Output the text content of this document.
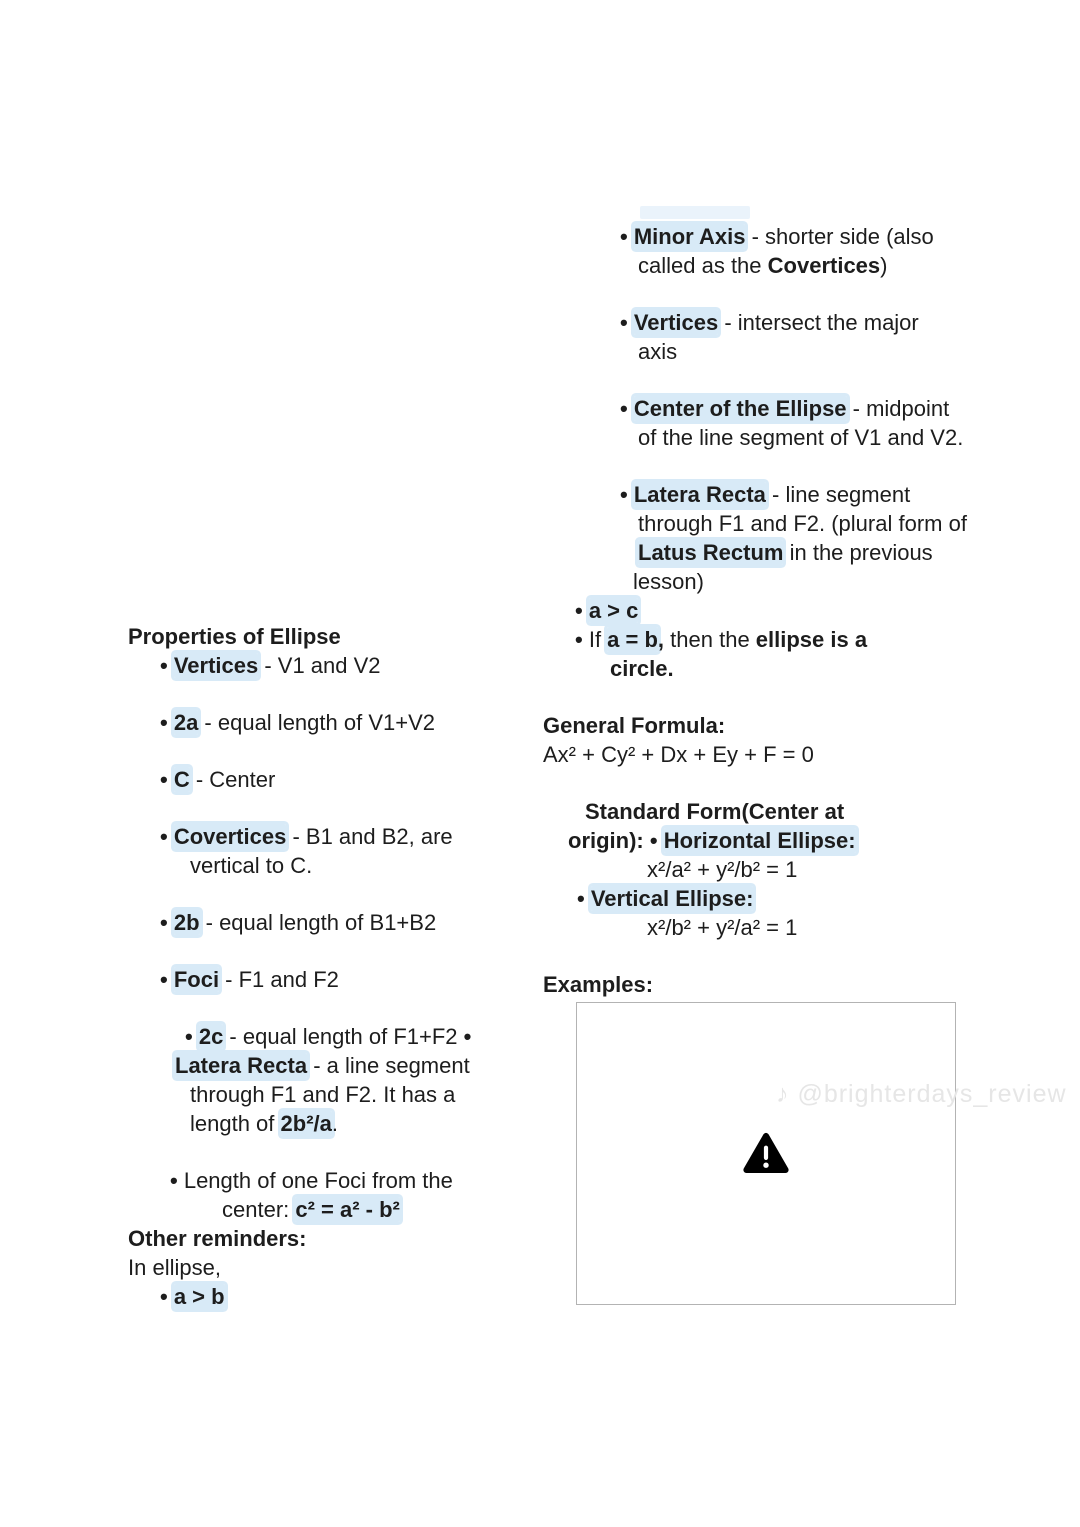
Properties of Ellipse
• Vertices - V1 and V2
• 2a - equal length of V1+V2
• C - Center
• Covertices - B1 and B2, are
vertical to C.
• 2b - equal length of B1+B2
• Foci - F1 and F2
• 2c - equal length of F1+F2 •
Latera Recta - a line segment
through F1 and F2. It has a
length of 2b²/a.
• Length of one Foci from the
center: c² = a² - b²
Other reminders:
In ellipse,
• a > b
• Minor Axis - shorter side (also
called as the Covertices)
• Vertices - intersect the major
axis
• Center of the Ellipse - midpoint
of the line segment of V1 and V2.
• Latera Recta - line segment
through F1 and F2. (plural form of
Latus Rectum in the previous
lesson)
• a > c
• If a = b, then the ellipse is a
circle.
General Formula:
Ax² + Cy² + Dx + Ey + F = 0
Standard Form(Center at
origin): • Horizontal Ellipse:
x²/a² + y²/b² = 1
• Vertical Ellipse:
x²/b² + y²/a² = 1
Examples:
♪ @brighterdays_review
